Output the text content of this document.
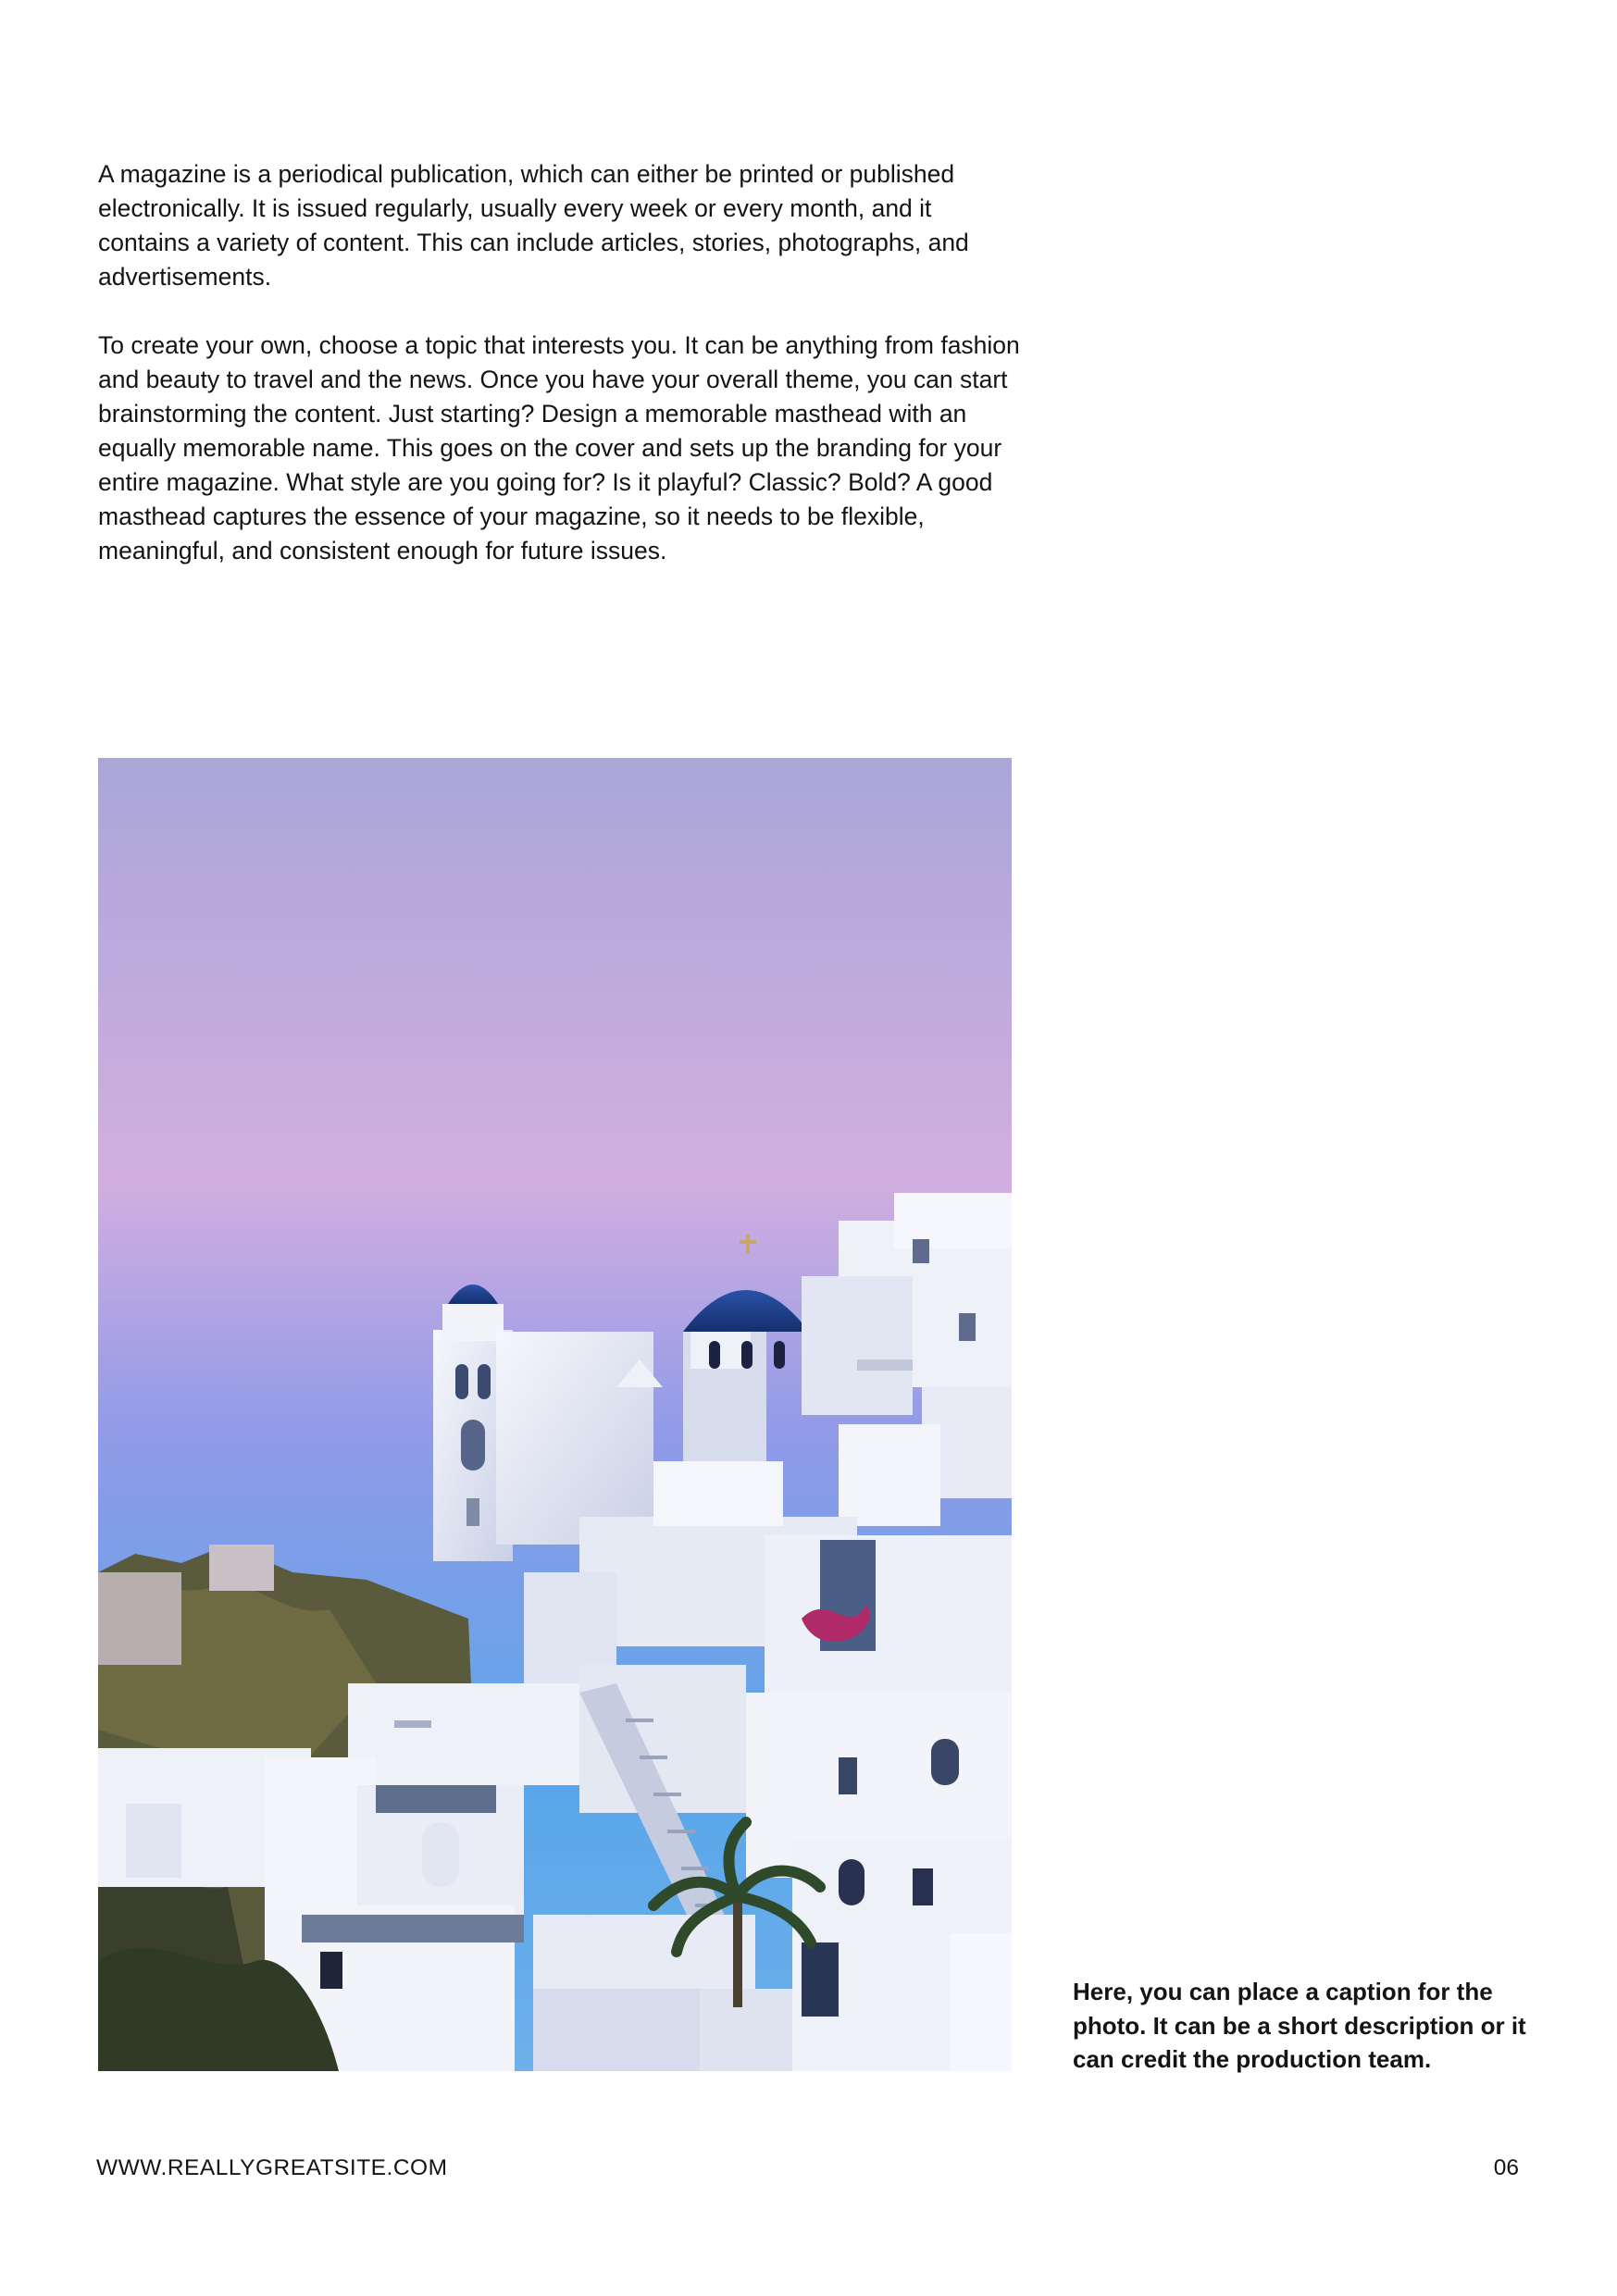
A magazine is a periodical publication, which can either be printed or published electronically. It is issued regularly, usually every week or every month, and it contains a variety of content. This can include articles, stories, photographs, and advertisements.

To create your own, choose a topic that interests you. It can be anything from fashion and beauty to travel and the news. Once you have your overall theme, you can start brainstorming the content. Just starting? Design a memorable masthead with an equally memorable name. This goes on the cover and sets up the branding for your entire magazine. What style are you going for? Is it playful? Classic? Bold? A good masthead captures the essence of your magazine, so it needs to be flexible, meaningful, and consistent enough for future issues.

Here, you can place a caption for the photo. It can be a short description or it can credit the production team.
WWW.REALLYGREATSITE.COM	06
